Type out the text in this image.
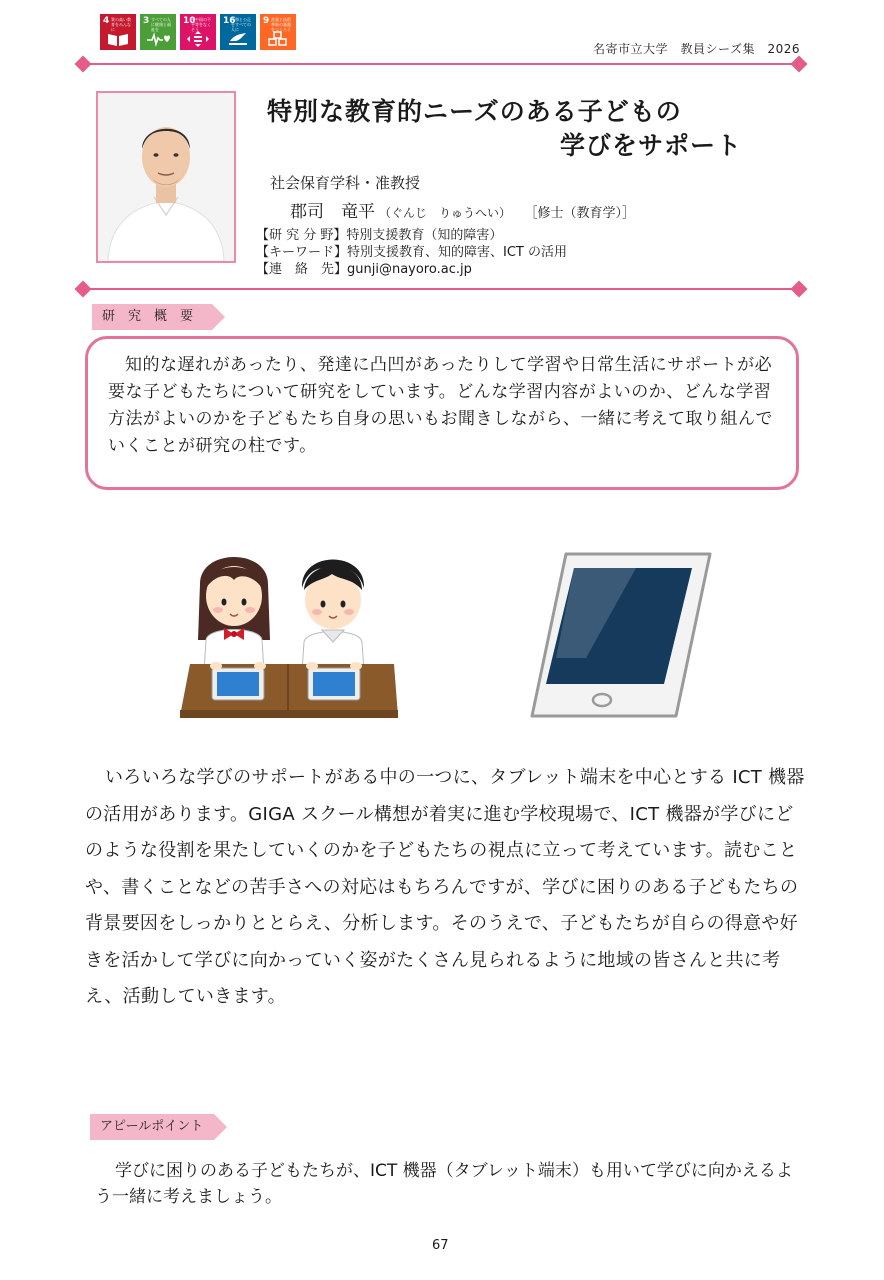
4 質の高い教育をみんなに
3 すべての人に健康と福祉を
10
人や国の不平等をなくそう
16
平和と公正をすべての人に
9 産業と技術革新の基盤をつくろう
名寄市立大学　教員シーズ集　2026
特別な教育的ニーズのある子どもの
学びをサポート
社会保育学科・准教授
郡司　竜平 （ぐんじ　りゅうへい） ［修士（教育学）］
【研 究 分 野】特別支援教育（知的障害）
【キーワード】特別支援教育、知的障害、ICT の活用
【連　絡　先】gunji@nayoro.ac.jp
研　究　概　要
知的な遅れがあったり、発達に凸凹があったりして学習や日常生活にサポートが必要な子どもたちについて研究をしています。どんな学習内容がよいのか、どんな学習方法がよいのかを子どもたち自身の思いもお聞きしながら、一緒に考えて取り組んでいくことが研究の柱です。
いろいろな学びのサポートがある中の一つに、タブレット端末を中心とする ICT 機器の活用があります。GIGA スクール構想が着実に進む学校現場で、ICT 機器が学びにどのような役割を果たしていくのかを子どもたちの視点に立って考えています。読むことや、書くことなどの苦手さへの対応はもちろんですが、学びに困りのある子どもたちの背景要因をしっかりととらえ、分析します。そのうえで、子どもたちが自らの得意や好きを活かして学びに向かっていく姿がたくさん見られるように地域の皆さんと共に考え、活動していきます。
アピールポイント
学びに困りのある子どもたちが、ICT 機器（タブレット端末）も用いて学びに向かえるよう一緒に考えましょう。
67
